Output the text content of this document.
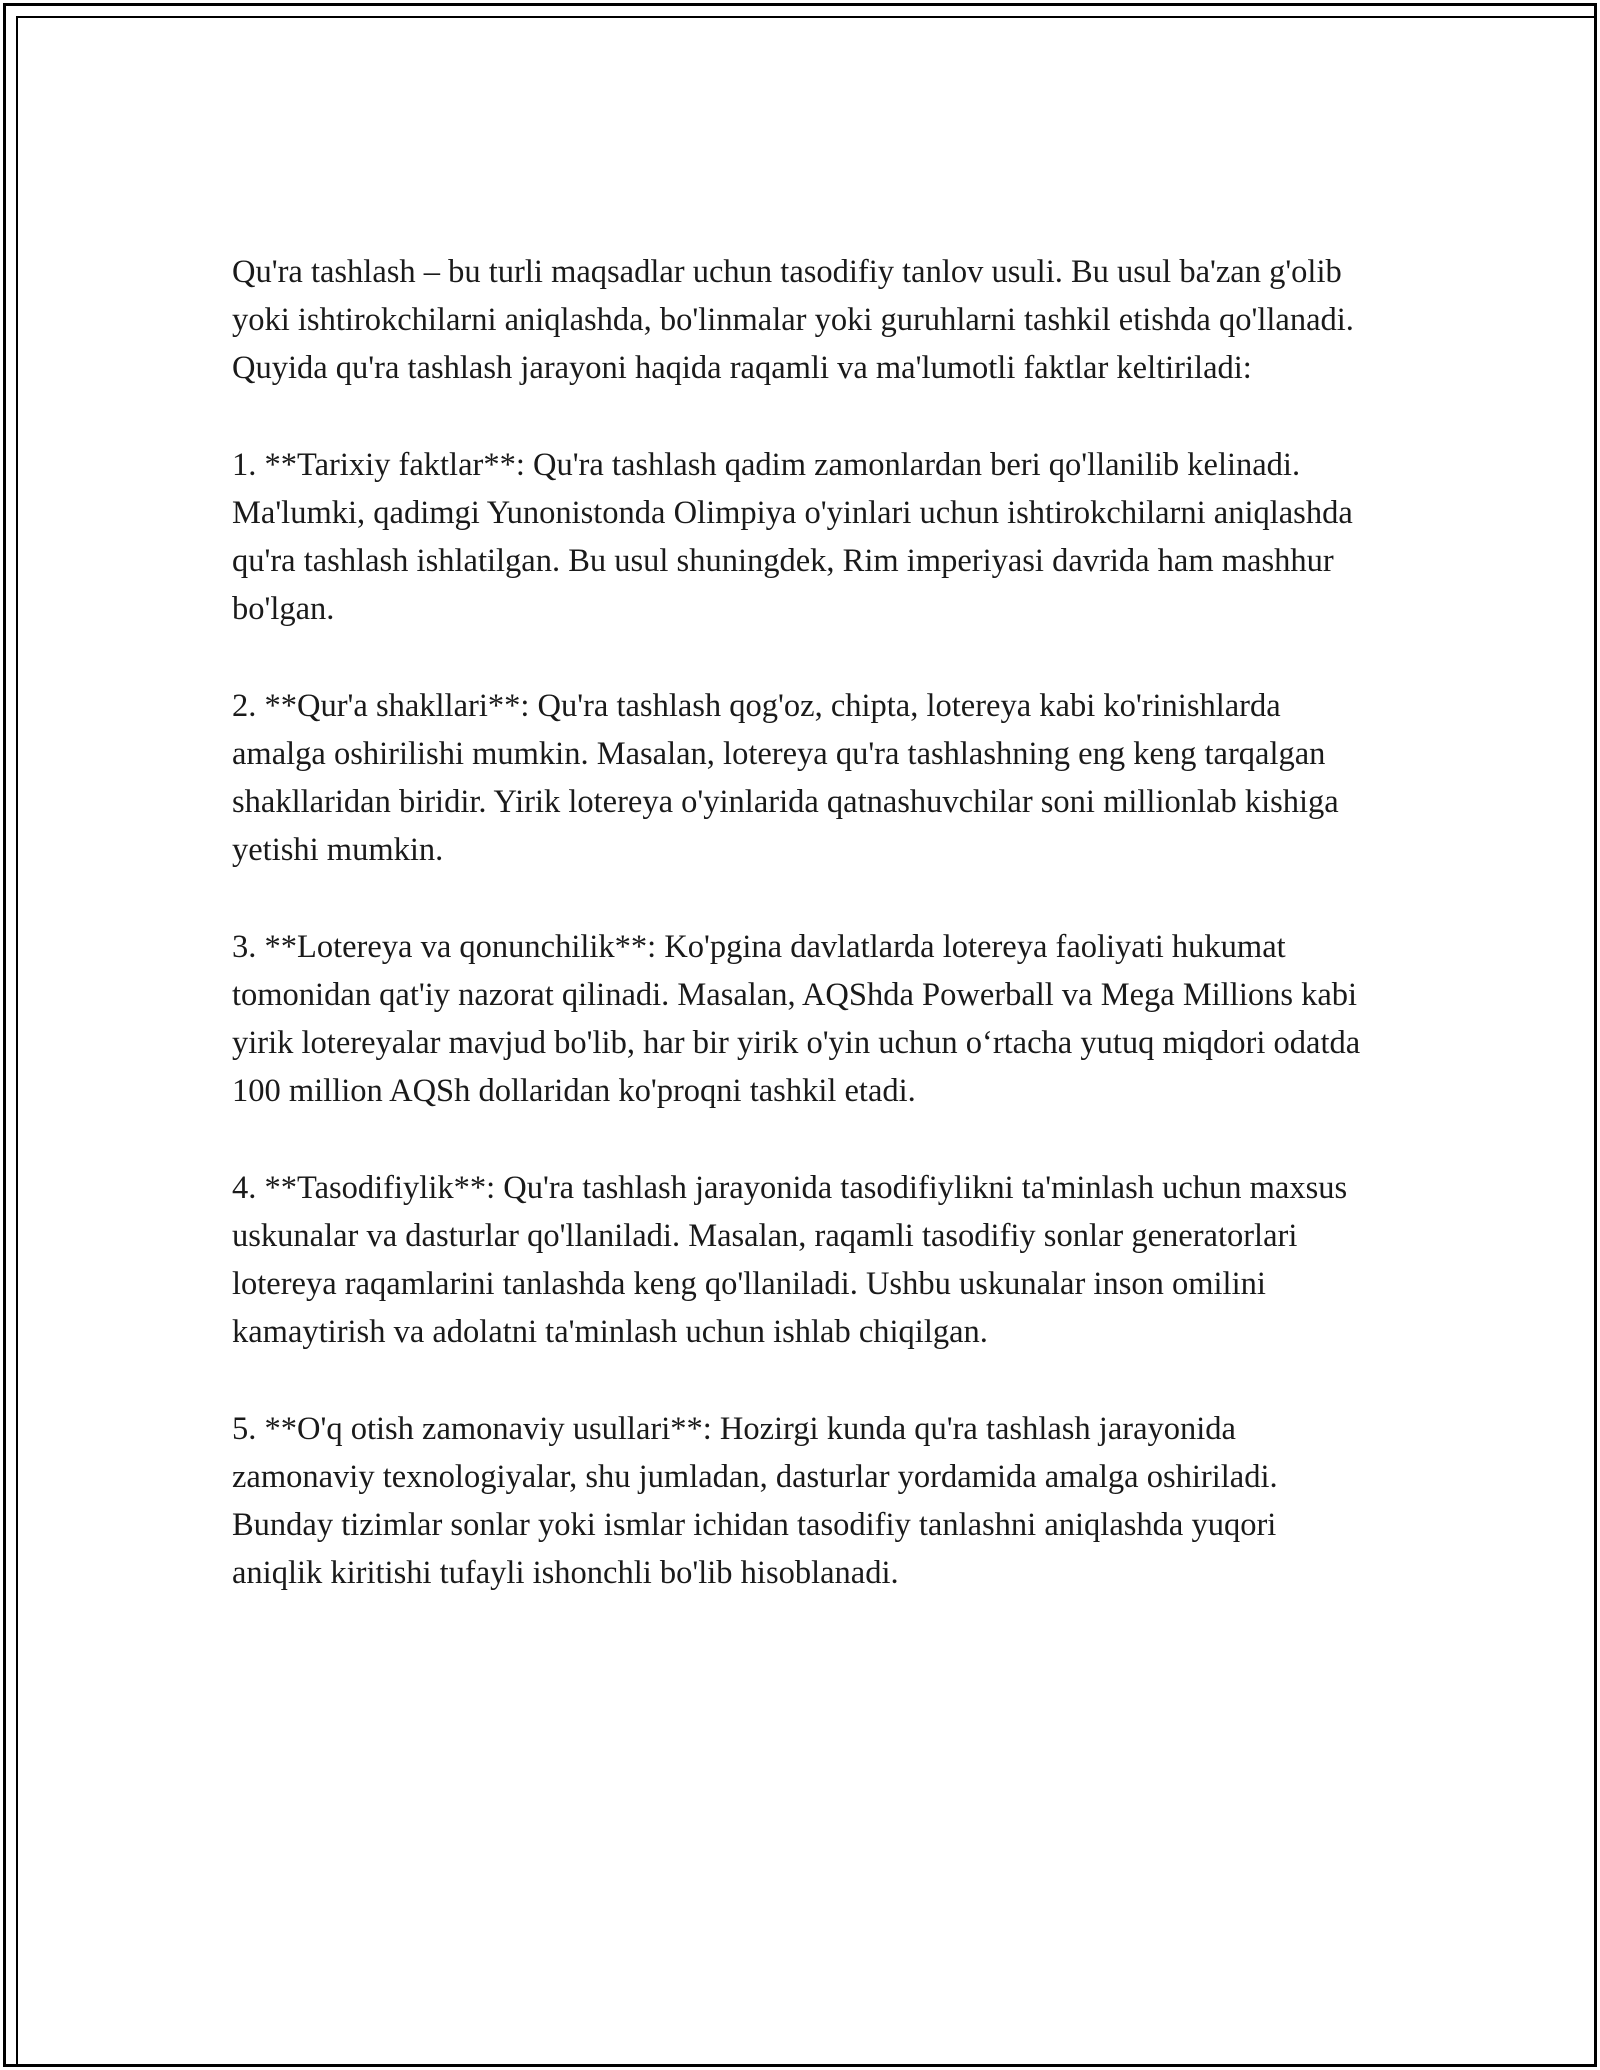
Qu'ra tashlash – bu turli maqsadlar uchun tasodifiy tanlov usuli. Bu usul ba'zan g'olib yoki ishtirokchilarni aniqlashda, bo'linmalar yoki guruhlarni tashkil etishda qo'llanadi. Quyida qu'ra tashlash jarayoni haqida raqamli va ma'lumotli faktlar keltiriladi:

1. **Tarixiy faktlar**: Qu'ra tashlash qadim zamonlardan beri qo'llanilib kelinadi. Ma'lumki, qadimgi Yunonistonda Olimpiya o'yinlari uchun ishtirokchilarni aniqlashda qu'ra tashlash ishlatilgan. Bu usul shuningdek, Rim imperiyasi davrida ham mashhur bo'lgan.

2. **Qur'a shakllari**: Qu'ra tashlash qog'oz, chipta, lotereya kabi ko'rinishlarda amalga oshirilishi mumkin. Masalan, lotereya qu'ra tashlashning eng keng tarqalgan shakllaridan biridir. Yirik lotereya o'yinlarida qatnashuvchilar soni millionlab kishiga yetishi mumkin.

3. **Lotereya va qonunchilik**: Ko'pgina davlatlarda lotereya faoliyati hukumat tomonidan qat'iy nazorat qilinadi. Masalan, AQShda Powerball va Mega Millions kabi yirik lotereyalar mavjud bo'lib, har bir yirik o'yin uchun o‘rtacha yutuq miqdori odatda 100 million AQSh dollaridan ko'proqni tashkil etadi.

4. **Tasodifiylik**: Qu'ra tashlash jarayonida tasodifiylikni ta'minlash uchun maxsus uskunalar va dasturlar qo'llaniladi. Masalan, raqamli tasodifiy sonlar generatorlari lotereya raqamlarini tanlashda keng qo'llaniladi. Ushbu uskunalar inson omilini kamaytirish va adolatni ta'minlash uchun ishlab chiqilgan.

5. **O'q otish zamonaviy usullari**: Hozirgi kunda qu'ra tashlash jarayonida zamonaviy texnologiyalar, shu jumladan, dasturlar yordamida amalga oshiriladi. Bunday tizimlar sonlar yoki ismlar ichidan tasodifiy tanlashni aniqlashda yuqori aniqlik kiritishi tufayli ishonchli bo'lib hisoblanadi.
